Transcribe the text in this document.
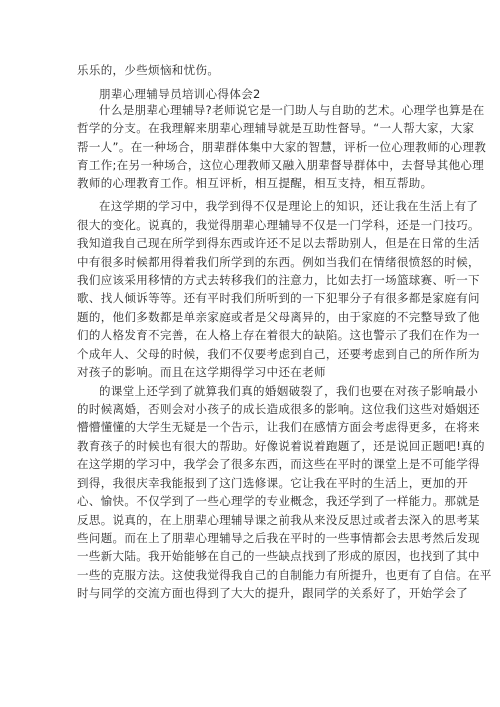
乐乐的，少些烦恼和忧伤。
朋辈心理辅导员培训心得体会2
什么是朋辈心理辅导?老师说它是一门助人与自助的艺术。心理学也算是在
哲学的分支。在我理解来朋辈心理辅导就是互助性督导。“一人帮大家，大家
帮一人”。在一种场合，朋辈群体集中大家的智慧，评析一位心理教师的心理教
育工作;在另一种场合，这位心理教师又融入朋辈督导群体中，去督导其他心理
教师的心理教育工作。相互评析，相互提醒，相互支持，相互帮助。
在这学期的学习中，我学到得不仅是理论上的知识，还让我在生活上有了
很大的变化。说真的，我觉得朋辈心理辅导不仅是一门学科，还是一门技巧。
我知道我自己现在所学到得东西或许还不足以去帮助别人，但是在日常的生活
中有很多时候都用得着我们所学到的东西。例如当我们在情绪很愤怒的时候，
我们应该采用移情的方式去转移我们的注意力，比如去打一场篮球赛、听一下
歌、找人倾诉等等。还有平时我们所听到的一下犯罪分子有很多都是家庭有问
题的，他们多数都是单亲家庭或者是父母离异的，由于家庭的不完整导致了他
们的人格发育不完善，在人格上存在着很大的缺陷。这也警示了我们在作为一
个成年人、父母的时候，我们不仅要考虑到自己，还要考虑到自己的所作所为
对孩子的影响。而且在这学期得学习中还在老师
的课堂上还学到了就算我们真的婚姻破裂了，我们也要在对孩子影响最小
的时候离婚，否则会对小孩子的成长造成很多的影响。这位我们这些对婚姻还
懵懵懂懂的大学生无疑是一个告示，让我们在感情方面会考虑得更多，在将来
教育孩子的时候也有很大的帮助。好像说着说着跑题了，还是说回正题吧!真的
在这学期的学习中，我学会了很多东西，而这些在平时的课堂上是不可能学得
到得，我很庆幸我能报到了这门选修课。它让我在平时的生活上，更加的开
心、愉快。不仅学到了一些心理学的专业概念，我还学到了一样能力。那就是
反思。说真的，在上朋辈心理辅导课之前我从来没反思过或者去深入的思考某
些问题。而在上了朋辈心理辅导之后我在平时的一些事情都会去思考然后发现
一些新大陆。我开始能够在自己的一些缺点找到了形成的原因，也找到了其中
一些的克服方法。这使我觉得我自己的自制能力有所提升，也更有了自信。在平
时与同学的交流方面也得到了大大的提升，跟同学的关系好了，开始学会了
